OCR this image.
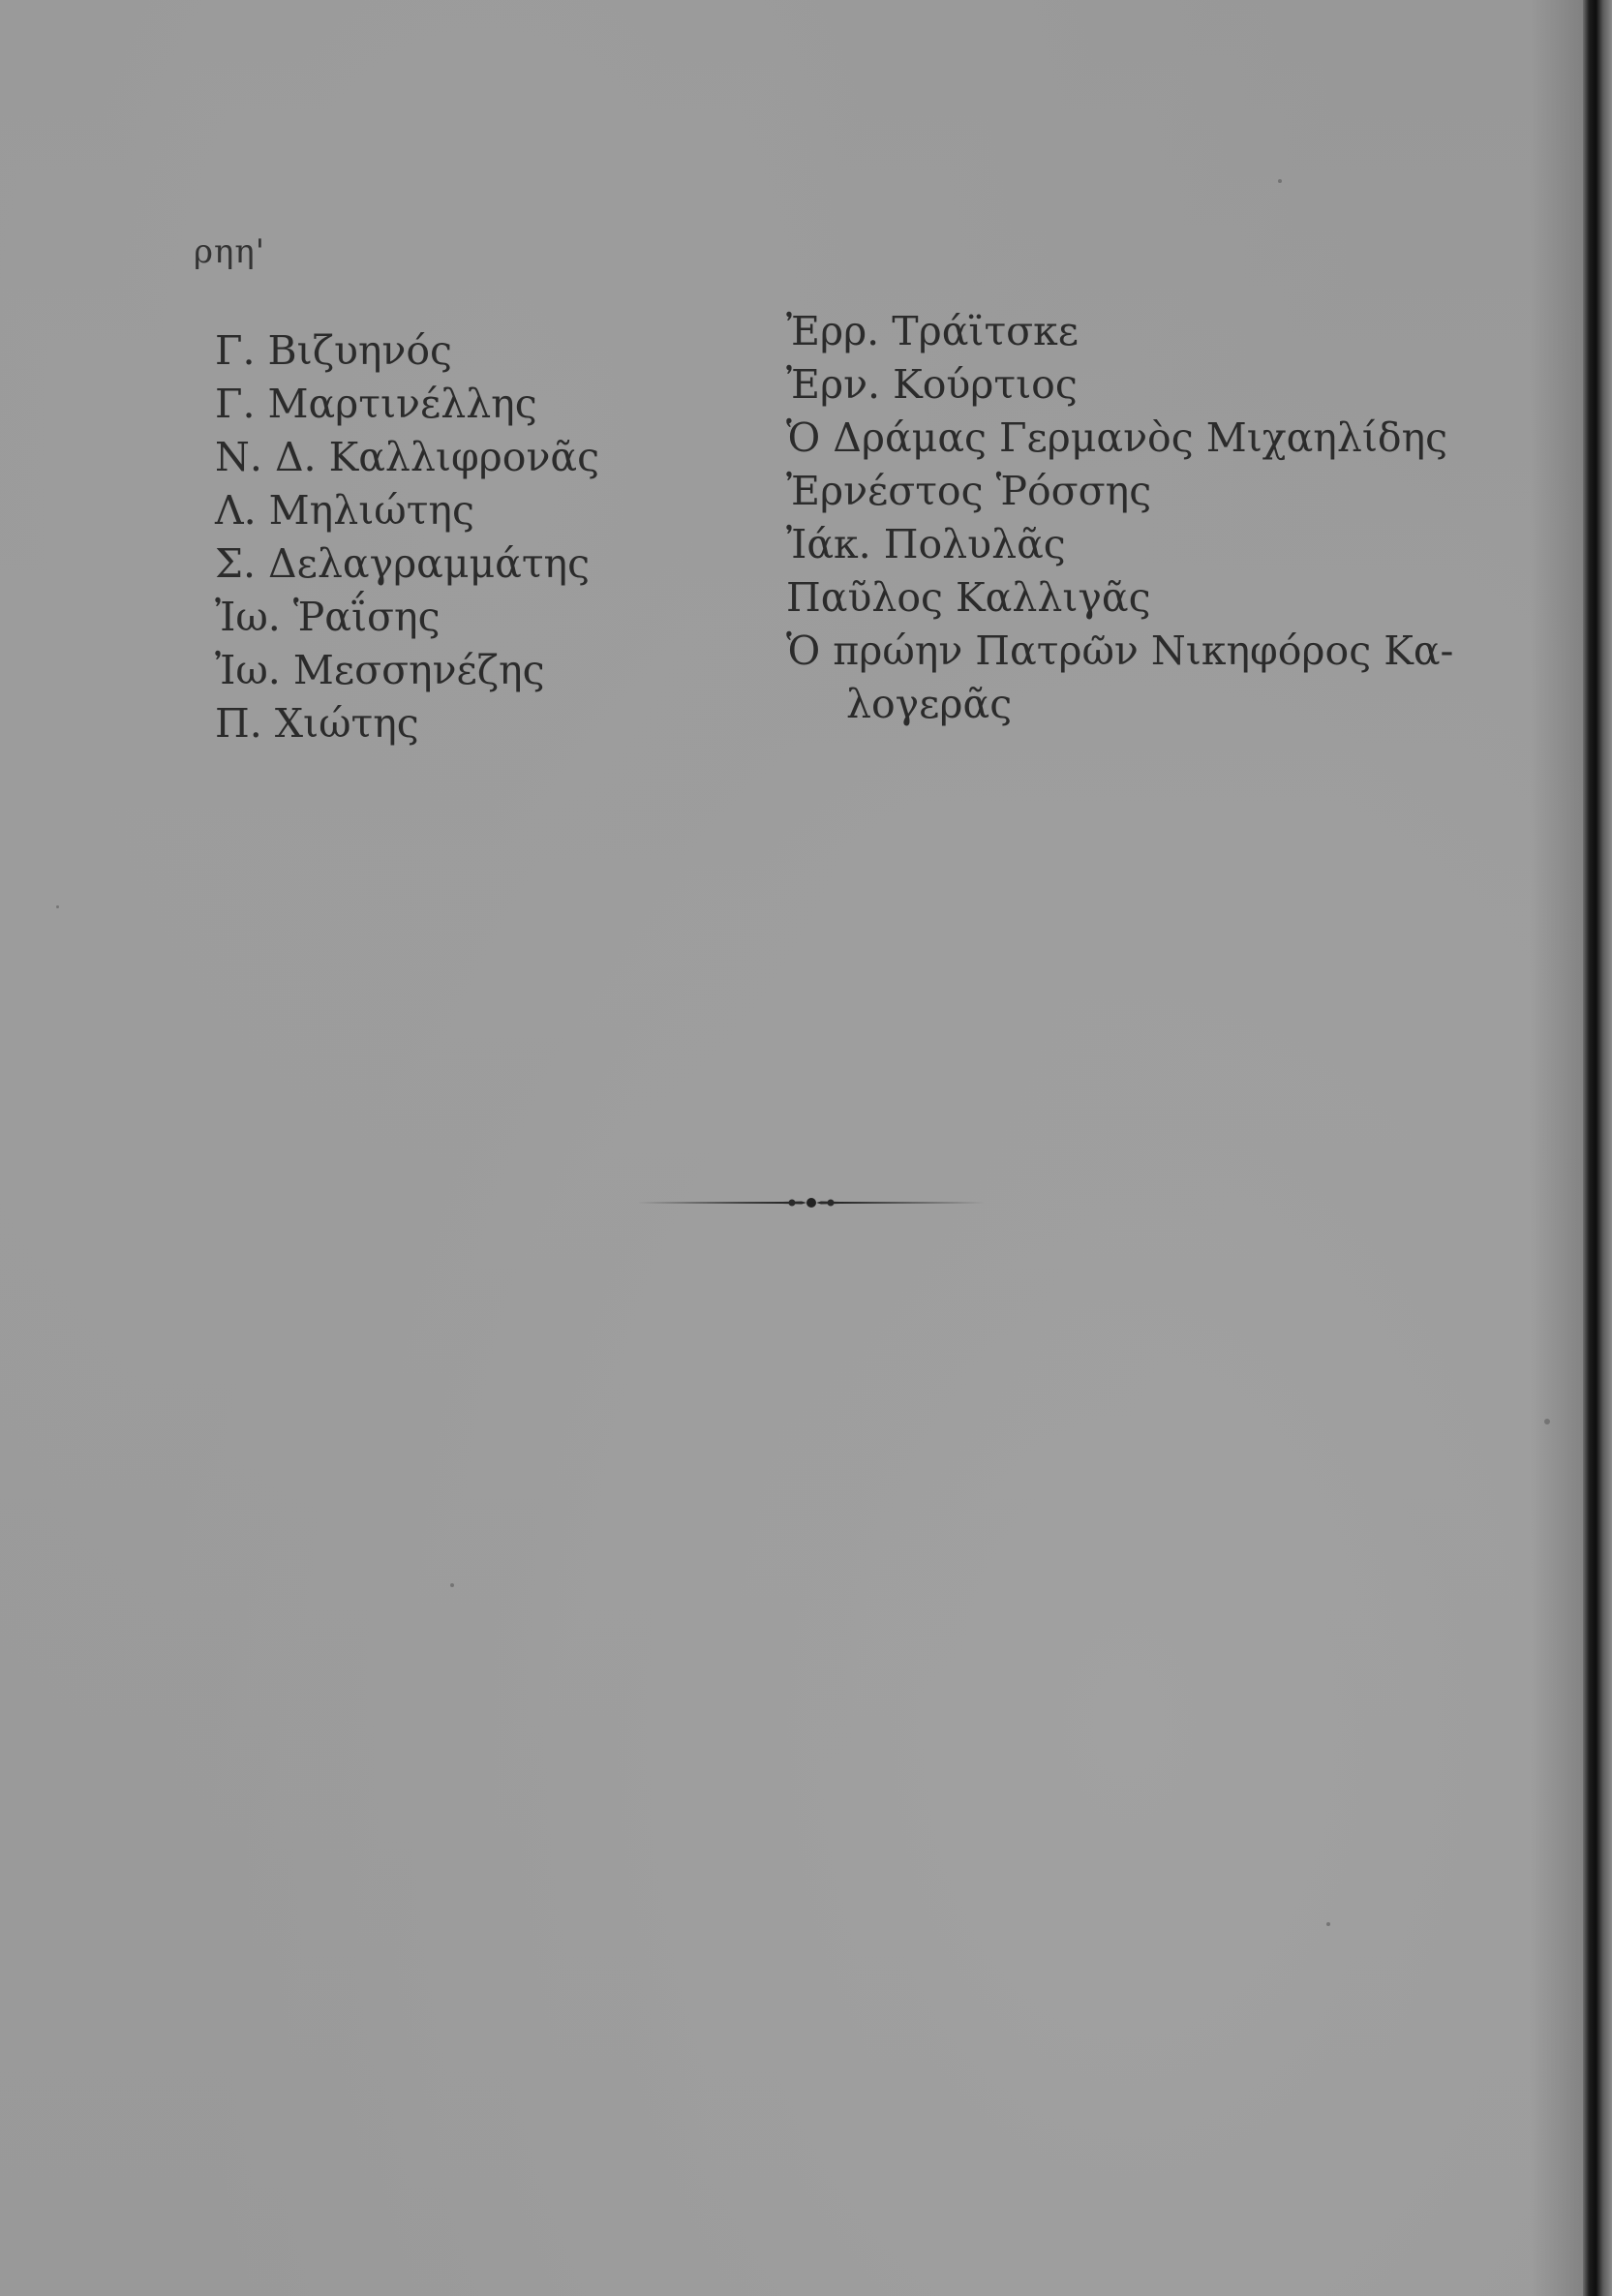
ρηη'
Γ. Βιζυηνός
Γ. Μαρτινέλλης
Ν. Δ. Καλλιφρονᾶς
Λ. Μηλιώτης
Σ. Δελαγραμμάτης
Ἰω. Ῥαΐσης
Ἰω. Μεσσηνέζης
Π. Χιώτης
Ἐρρ. Τράϊτσκε
Ἐρν. Κούρτιος
Ὁ Δράμας Γερμανὸς Μιχαηλίδης
Ἐρνέστος Ῥόσσης
Ἰάκ. Πολυλᾶς
Παῦλος Καλλιγᾶς
Ὁ πρώην Πατρῶν Νικηφόρος Κα-
λογερᾶς
